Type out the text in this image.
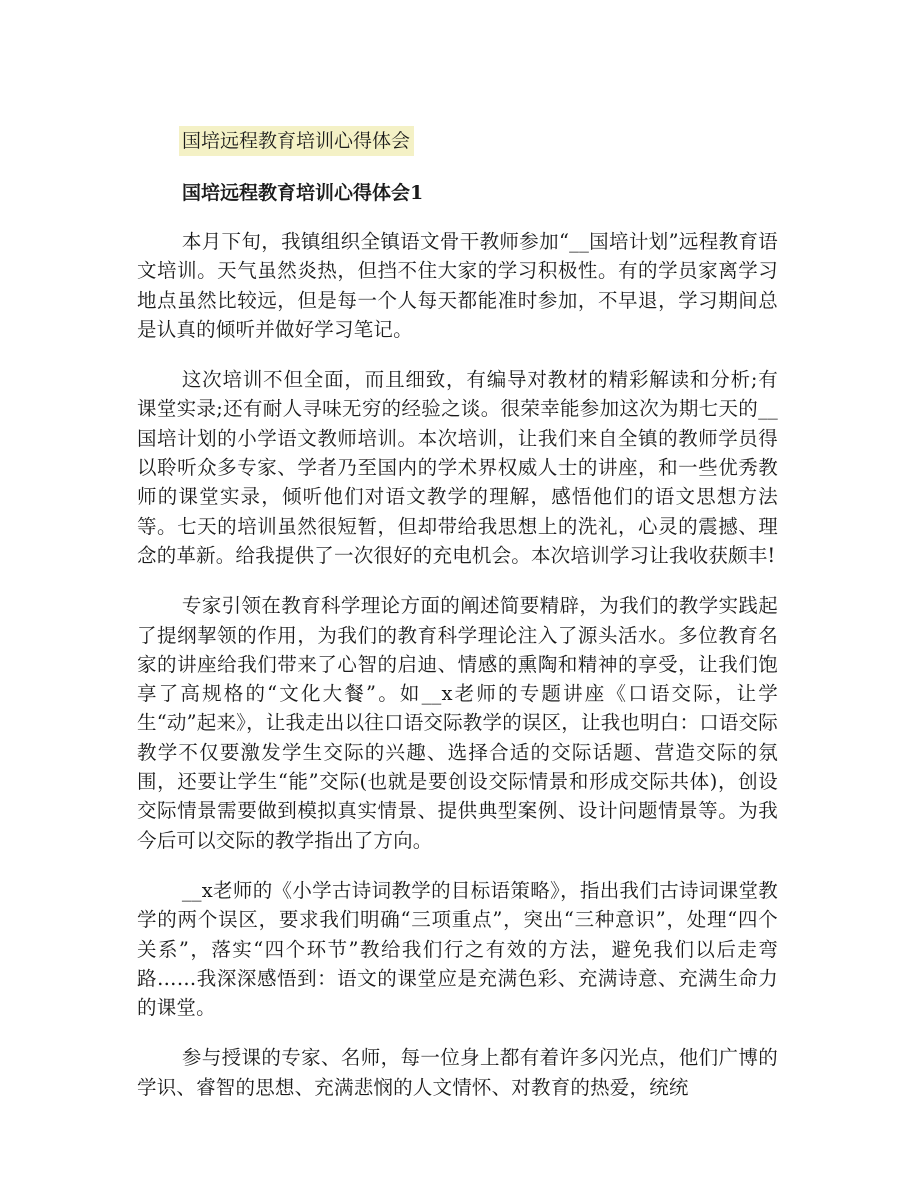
国培远程教育培训心得体会
国培远程教育培训心得体会1

本月下旬，我镇组织全镇语文骨干教师参加“__国培计划”远程教育语文培训。天气虽然炎热，但挡不住大家的学习积极性。有的学员家离学习地点虽然比较远，但是每一个人每天都能准时参加，不早退，学习期间总是认真的倾听并做好学习笔记。

这次培训不但全面，而且细致，有编导对教材的精彩解读和分析;有课堂实录;还有耐人寻味无穷的经验之谈。很荣幸能参加这次为期七天的__国培计划的小学语文教师培训。本次培训，让我们来自全镇的教师学员得以聆听众多专家、学者乃至国内的学术界权威人士的讲座，和一些优秀教师的课堂实录，倾听他们对语文教学的理解，感悟他们的语文思想方法等。七天的培训虽然很短暂，但却带给我思想上的洗礼，心灵的震撼、理念的革新。给我提供了一次很好的充电机会。本次培训学习让我收获颇丰!

专家引领在教育科学理论方面的阐述简要精辟，为我们的教学实践起了提纲挈领的作用，为我们的教育科学理论注入了源头活水。多位教育名家的讲座给我们带来了心智的启迪、情感的熏陶和精神的享受，让我们饱享了高规格的“文化大餐”。如__x老师的专题讲座《口语交际，让学生“动”起来》，让我走出以往口语交际教学的误区，让我也明白：口语交际教学不仅要激发学生交际的兴趣、选择合适的交际话题、营造交际的氛围，还要让学生“能”交际(也就是要创设交际情景和形成交际共体)，创设交际情景需要做到模拟真实情景、提供典型案例、设计问题情景等。为我今后可以交际的教学指出了方向。

__x老师的《小学古诗词教学的目标语策略》，指出我们古诗词课堂教学的两个误区，要求我们明确“三项重点”，突出“三种意识”，处理“四个关系”，落实“四个环节”教给我们行之有效的方法，避免我们以后走弯路……我深深感悟到：语文的课堂应是充满色彩、充满诗意、充满生命力的课堂。

参与授课的专家、名师，每一位身上都有着许多闪光点，他们广博的学识、睿智的思想、充满悲悯的人文情怀、对教育的热爱，统统
